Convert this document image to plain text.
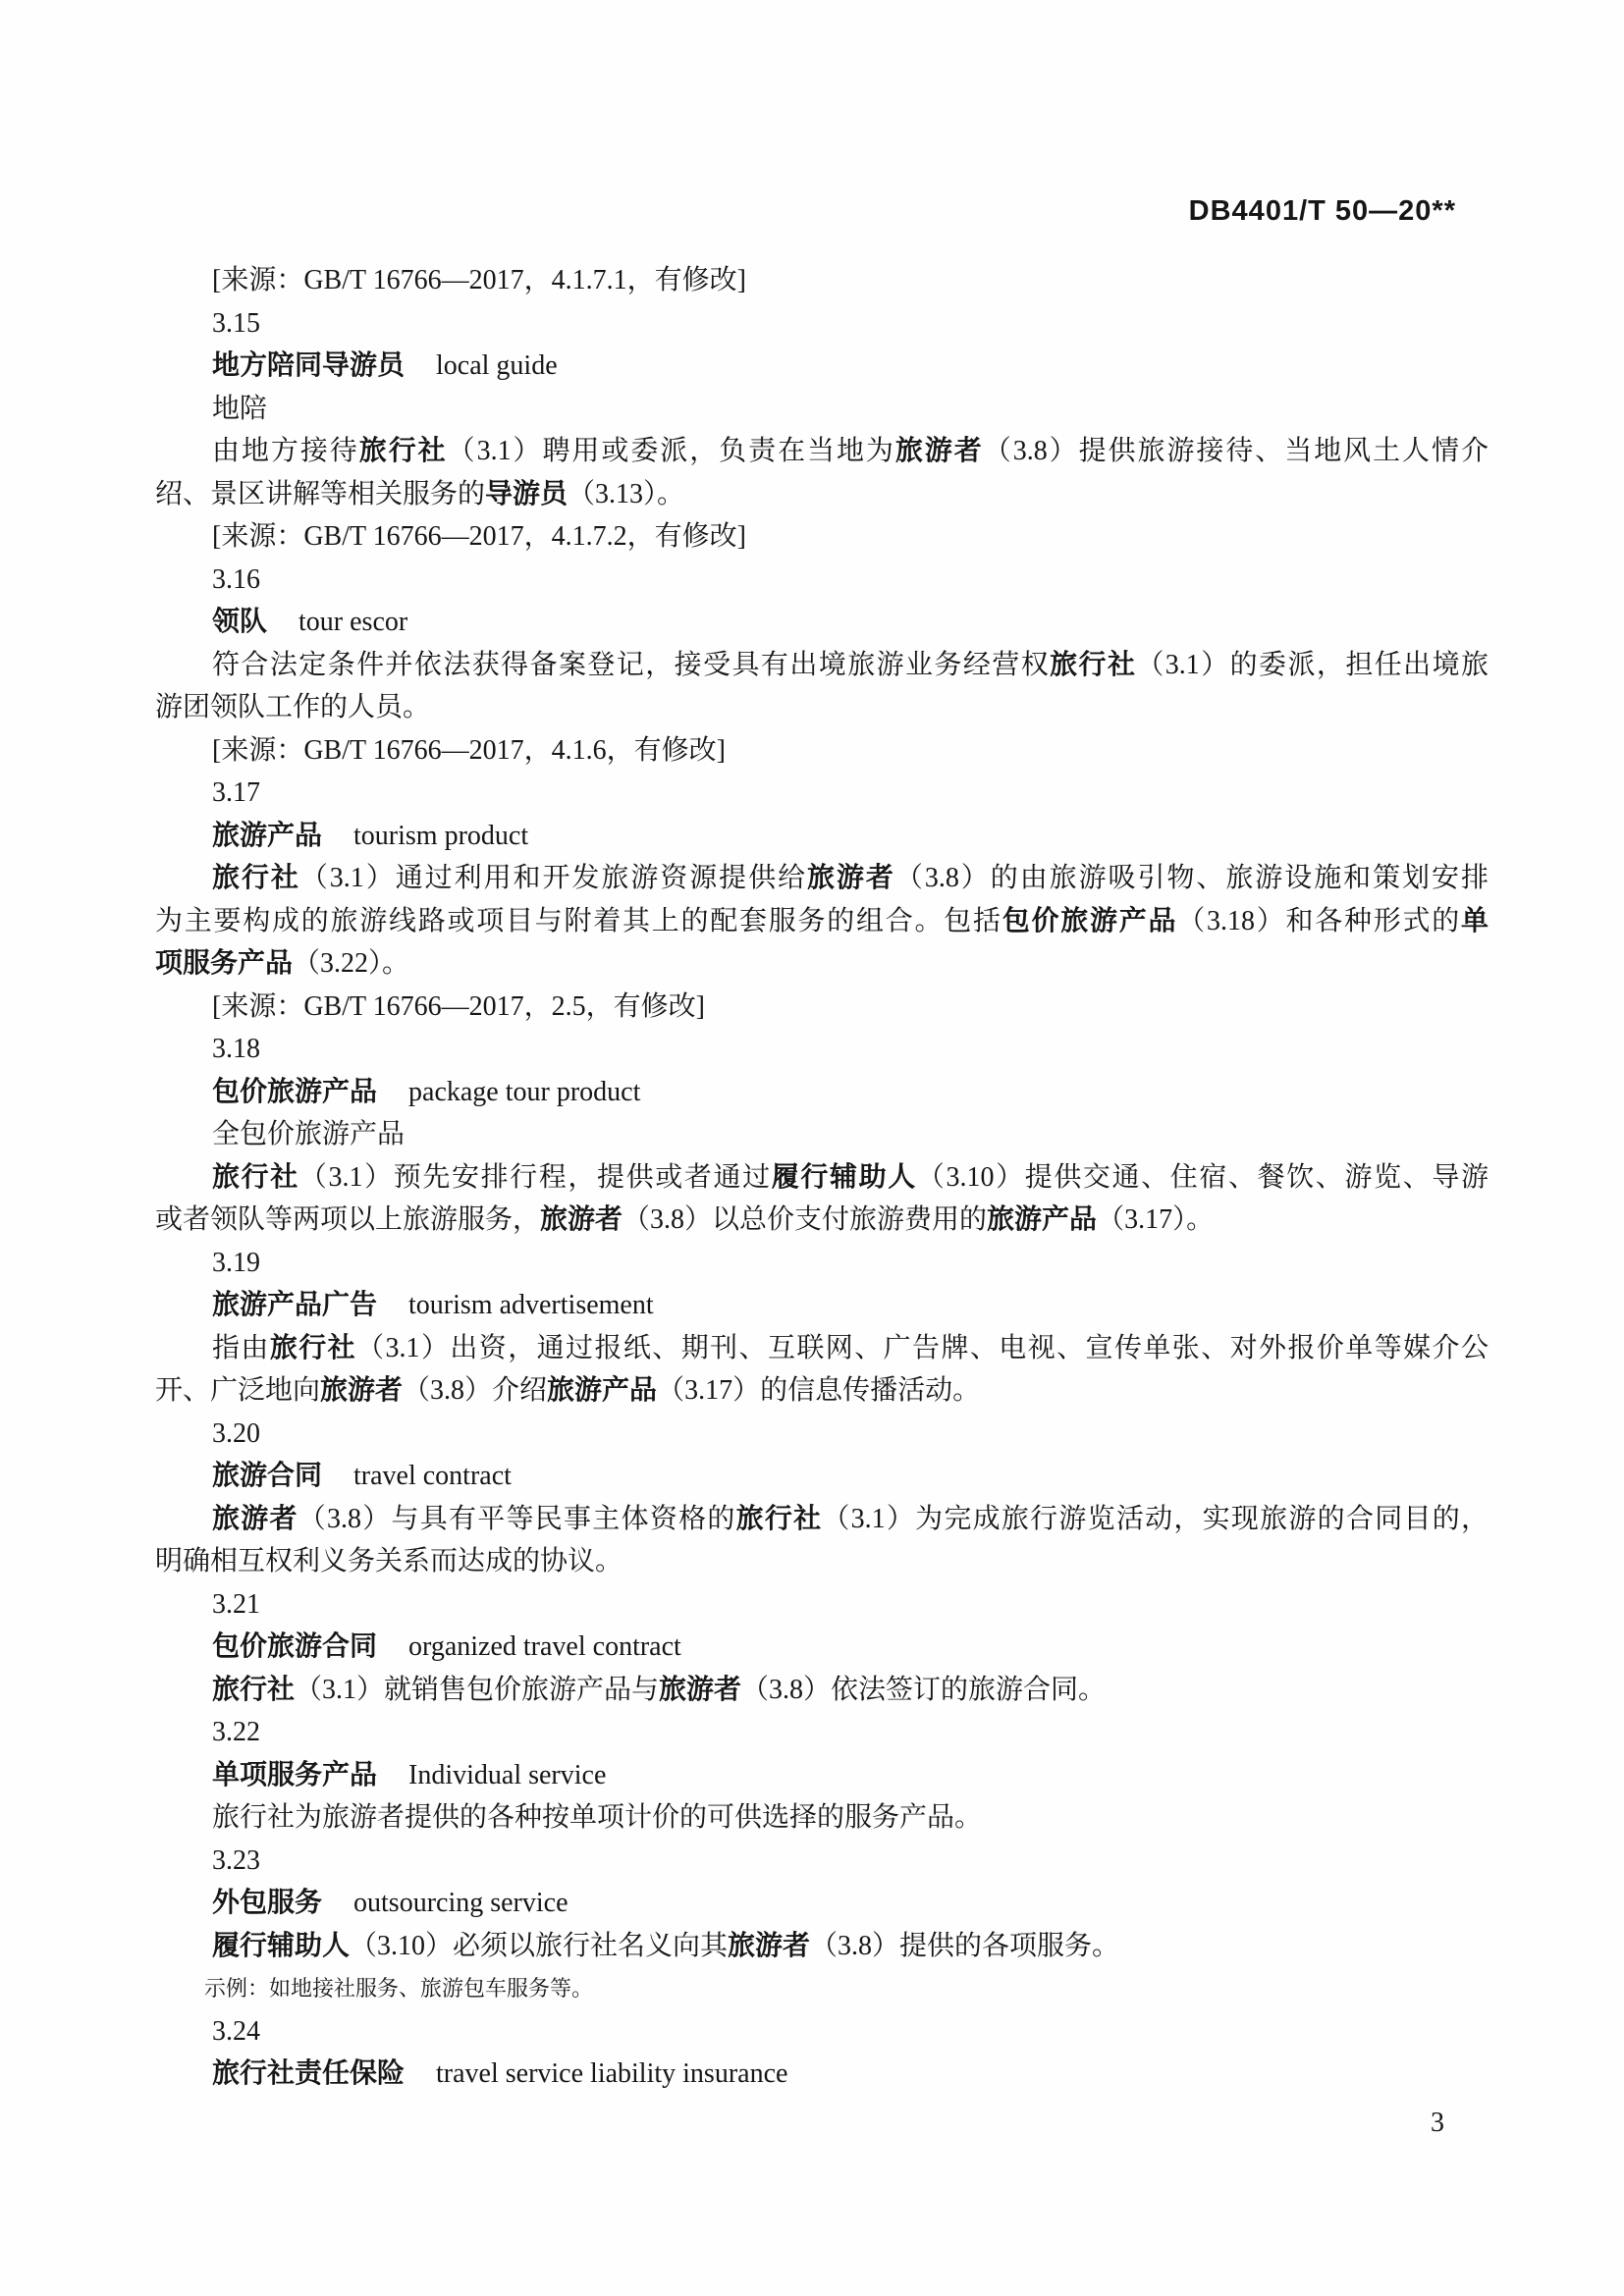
DB4401/T 50—20**
[来源：GB/T 16766—2017，4.1.7.1，有修改]
3.15
地方陪同导游员 local guide
地陪
由地方接待旅行社（3.1）聘用或委派，负责在当地为旅游者（3.8）提供旅游接待、当地风土人情介
绍、景区讲解等相关服务的导游员（3.13）。
[来源：GB/T 16766—2017，4.1.7.2，有修改]
3.16
领队 tour escor
符合法定条件并依法获得备案登记，接受具有出境旅游业务经营权旅行社（3.1）的委派，担任出境旅
游团领队工作的人员。
[来源：GB/T 16766—2017，4.1.6，有修改]
3.17
旅游产品 tourism product
旅行社（3.1）通过利用和开发旅游资源提供给旅游者（3.8）的由旅游吸引物、旅游设施和策划安排
为主要构成的旅游线路或项目与附着其上的配套服务的组合。包括包价旅游产品（3.18）和各种形式的单
项服务产品（3.22）。
[来源：GB/T 16766—2017，2.5，有修改]
3.18
包价旅游产品 package tour product
全包价旅游产品
旅行社（3.1）预先安排行程，提供或者通过履行辅助人（3.10）提供交通、住宿、餐饮、游览、导游
或者领队等两项以上旅游服务，旅游者（3.8）以总价支付旅游费用的旅游产品（3.17）。
3.19
旅游产品广告 tourism advertisement
指由旅行社（3.1）出资，通过报纸、期刊、互联网、广告牌、电视、宣传单张、对外报价单等媒介公
开、广泛地向旅游者（3.8）介绍旅游产品（3.17）的信息传播活动。
3.20
旅游合同 travel contract
旅游者（3.8）与具有平等民事主体资格的旅行社（3.1）为完成旅行游览活动，实现旅游的合同目的，
明确相互权利义务关系而达成的协议。
3.21
包价旅游合同 organized travel contract
旅行社（3.1）就销售包价旅游产品与旅游者（3.8）依法签订的旅游合同。
3.22
单项服务产品 Individual service
旅行社为旅游者提供的各种按单项计价的可供选择的服务产品。
3.23
外包服务 outsourcing service
履行辅助人（3.10）必须以旅行社名义向其旅游者（3.8）提供的各项服务。
示例：如地接社服务、旅游包车服务等。
3.24
旅行社责任保险 travel service liability insurance
3
